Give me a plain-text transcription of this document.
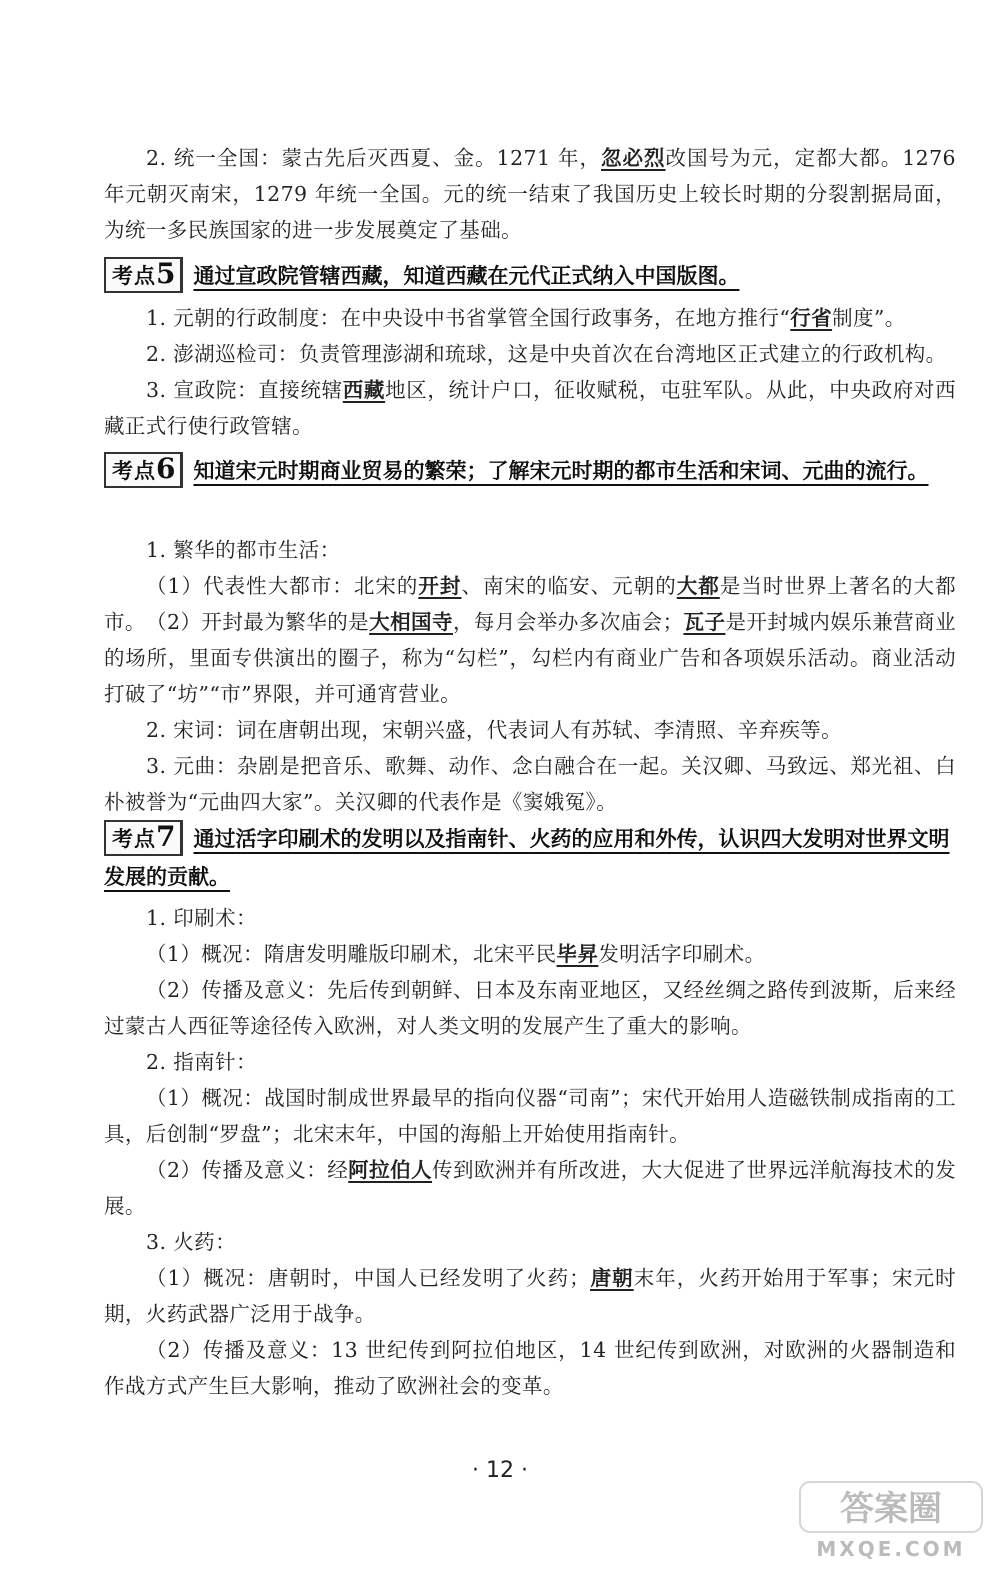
2. 统一全国：蒙古先后灭西夏、金。1271 年，忽必烈改国号为元，定都大都。1276 年元朝灭南宋，1279 年统一全国。元的统一结束了我国历史上较长时期的分裂割据局面，为统一多民族国家的进一步发展奠定了基础。
考点5 通过宣政院管辖西藏，知道西藏在元代正式纳入中国版图。
1. 元朝的行政制度：在中央设中书省掌管全国行政事务，在地方推行“行省制度”。
2. 澎湖巡检司：负责管理澎湖和琉球，这是中央首次在台湾地区正式建立的行政机构。
3. 宣政院：直接统辖西藏地区，统计户口，征收赋税，屯驻军队。从此，中央政府对西藏正式行使行政管辖。
考点6 知道宋元时期商业贸易的繁荣；了解宋元时期的都市生活和宋词、元曲的流行。
1. 繁华的都市生活：
（1）代表性大都市：北宋的开封、南宋的临安、元朝的大都是当时世界上著名的大都市。 （2）开封最为繁华的是大相国寺，每月会举办多次庙会；瓦子是开封城内娱乐兼营商业的场所，里面专供演出的圈子，称为“勾栏”，勾栏内有商业广告和各项娱乐活动。商业活动打破了“坊”“市”界限，并可通宵营业。
2. 宋词：词在唐朝出现，宋朝兴盛，代表词人有苏轼、李清照、辛弃疾等。
3. 元曲：杂剧是把音乐、歌舞、动作、念白融合在一起。关汉卿、马致远、郑光祖、白朴被誉为“元曲四大家”。关汉卿的代表作是《窦娥冤》。
考点7 通过活字印刷术的发明以及指南针、火药的应用和外传，认识四大发明对世界文明发展的贡献。
1. 印刷术：
（1）概况：隋唐发明雕版印刷术，北宋平民毕昇发明活字印刷术。
（2）传播及意义：先后传到朝鲜、日本及东南亚地区，又经丝绸之路传到波斯，后来经过蒙古人西征等途径传入欧洲，对人类文明的发展产生了重大的影响。
2. 指南针：
（1）概况：战国时制成世界最早的指向仪器“司南”；宋代开始用人造磁铁制成指南的工具，后创制“罗盘”；北宋末年，中国的海船上开始使用指南针。
（2）传播及意义：经阿拉伯人传到欧洲并有所改进，大大促进了世界远洋航海技术的发展。
3. 火药：
（1）概况：唐朝时，中国人已经发明了火药；唐朝末年，火药开始用于军事；宋元时期，火药武器广泛用于战争。
（2）传播及意义：13 世纪传到阿拉伯地区，14 世纪传到欧洲，对欧洲的火器制造和作战方式产生巨大影响，推动了欧洲社会的变革。
· 12 ·
答案圈
MXQE.COM
